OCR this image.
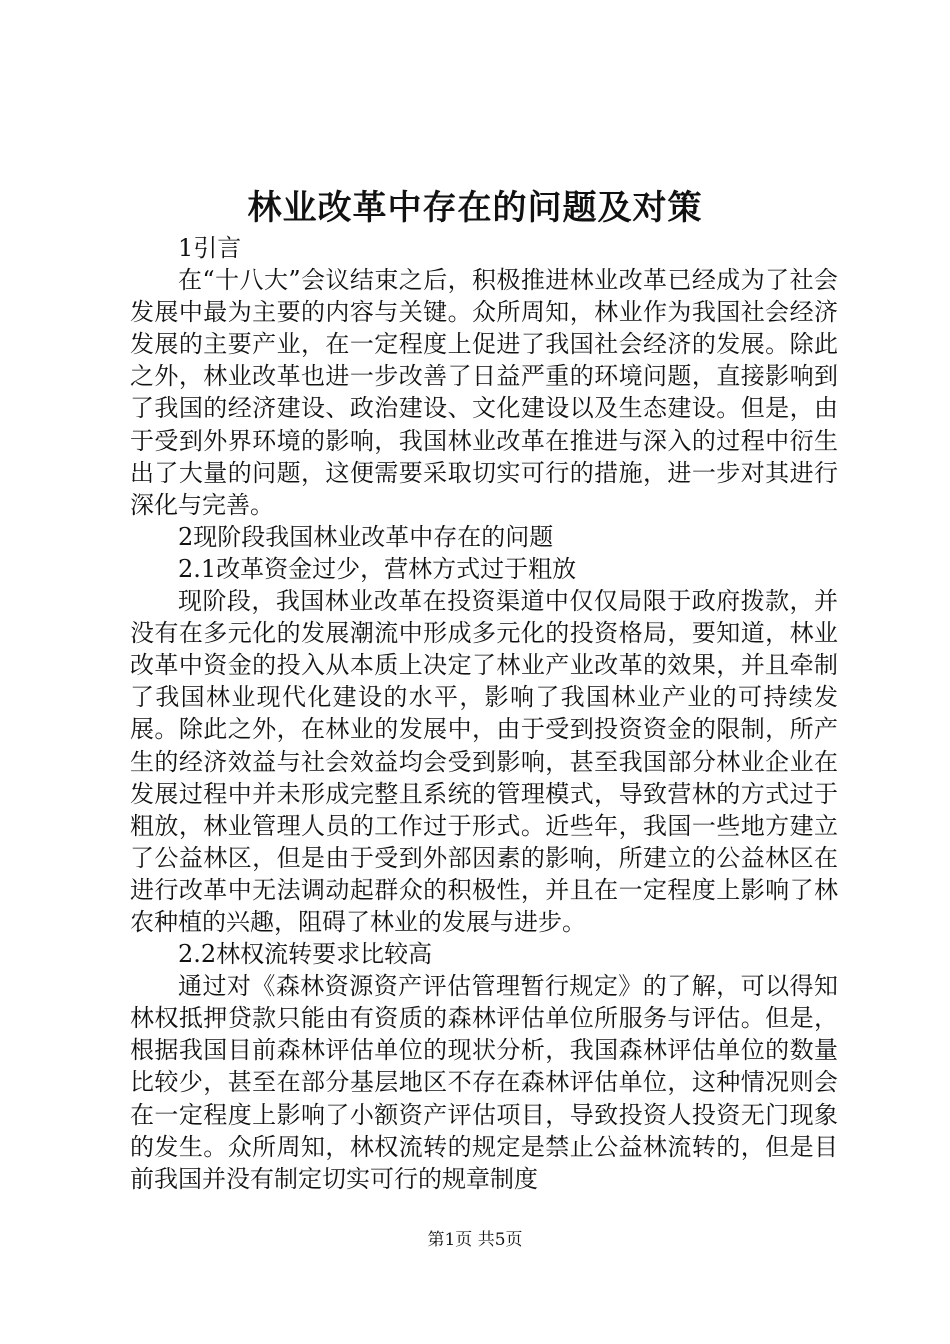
林业改革中存在的问题及对策

1引言

在“十八大”会议结束之后，积极推进林业改革已经成为了社会发展中最为主要的内容与关键。众所周知，林业作为我国社会经济发展的主要产业，在一定程度上促进了我国社会经济的发展。除此之外，林业改革也进一步改善了日益严重的环境问题，直接影响到了我国的经济建设、政治建设、文化建设以及生态建设。但是，由于受到外界环境的影响，我国林业改革在推进与深入的过程中衍生出了大量的问题，这便需要采取切实可行的措施，进一步对其进行深化与完善。

2现阶段我国林业改革中存在的问题

2.1改革资金过少，营林方式过于粗放

现阶段，我国林业改革在投资渠道中仅仅局限于政府拨款，并没有在多元化的发展潮流中形成多元化的投资格局，要知道，林业改革中资金的投入从本质上决定了林业产业改革的效果，并且牵制了我国林业现代化建设的水平，影响了我国林业产业的可持续发展。除此之外，在林业的发展中，由于受到投资资金的限制，所产生的经济效益与社会效益均会受到影响，甚至我国部分林业企业在发展过程中并未形成完整且系统的管理模式，导致营林的方式过于粗放，林业管理人员的工作过于形式。近些年，我国一些地方建立了公益林区，但是由于受到外部因素的影响，所建立的公益林区在进行改革中无法调动起群众的积极性，并且在一定程度上影响了林农种植的兴趣，阻碍了林业的发展与进步。

2.2林权流转要求比较高

通过对《森林资源资产评估管理暂行规定》的了解，可以得知林权抵押贷款只能由有资质的森林评估单位所服务与评估。但是，根据我国目前森林评估单位的现状分析，我国森林评估单位的数量比较少，甚至在部分基层地区不存在森林评估单位，这种情况则会在一定程度上影响了小额资产评估项目，导致投资人投资无门现象的发生。众所周知，林权流转的规定是禁止公益林流转的，但是目前我国并没有制定切实可行的规章制度

第1页 共5页
